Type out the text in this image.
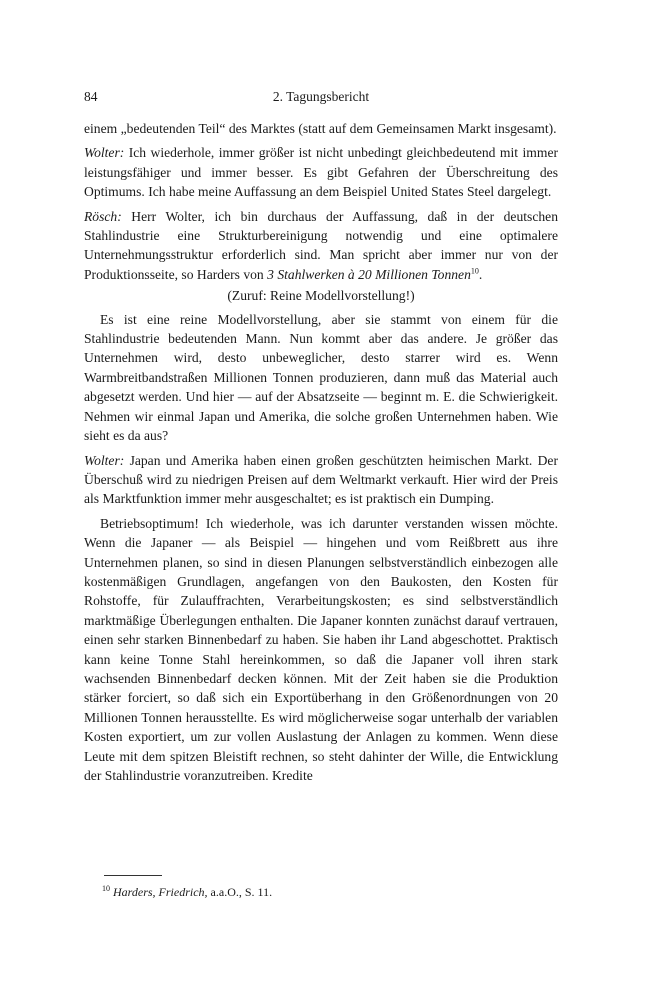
84	2. Tagungsbericht

einem „bedeutenden Teil“ des Marktes (statt auf dem Gemeinsamen Markt insgesamt).

Wolter: Ich wiederhole, immer größer ist nicht unbedingt gleichbedeutend mit immer leistungsfähiger und immer besser. Es gibt Gefahren der Überschreitung des Optimums. Ich habe meine Auffassung an dem Beispiel United States Steel dargelegt.

Rösch: Herr Wolter, ich bin durchaus der Auffassung, daß in der deutschen Stahlindustrie eine Strukturbereinigung notwendig und eine optimalere Unternehmungsstruktur erforderlich sind. Man spricht aber immer nur von der Produktionsseite, so Harders von 3 Stahlwerken à 20 Millionen Tonnen$^{10}$.

(Zuruf: Reine Modellvorstellung!)

Es ist eine reine Modellvorstellung, aber sie stammt von einem für die Stahlindustrie bedeutenden Mann. Nun kommt aber das andere. Je größer das Unternehmen wird, desto unbeweglicher, desto starrer wird es. Wenn Warmbreitbandstraßen Millionen Tonnen produzieren, dann muß das Material auch abgesetzt werden. Und hier — auf der Absatzseite — beginnt m. E. die Schwierigkeit. Nehmen wir einmal Japan und Amerika, die solche großen Unternehmen haben. Wie sieht es da aus?

Wolter: Japan und Amerika haben einen großen geschützten heimischen Markt. Der Überschuß wird zu niedrigen Preisen auf dem Weltmarkt verkauft. Hier wird der Preis als Marktfunktion immer mehr ausgeschaltet; es ist praktisch ein Dumping.

Betriebsoptimum! Ich wiederhole, was ich darunter verstanden wissen möchte. Wenn die Japaner — als Beispiel — hingehen und vom Reißbrett aus ihre Unternehmen planen, so sind in diesen Planungen selbstverständlich einbezogen alle kostenmäßigen Grundlagen, angefangen von den Baukosten, den Kosten für Rohstoffe, für Zulauffrachten, Verarbeitungskosten; es sind selbstverständlich marktmäßige Überlegungen enthalten. Die Japaner konnten zunächst darauf vertrauen, einen sehr starken Binnenbedarf zu haben. Sie haben ihr Land abgeschottet. Praktisch kann keine Tonne Stahl hereinkommen, so daß die Japaner voll ihren stark wachsenden Binnenbedarf decken können. Mit der Zeit haben sie die Produktion stärker forciert, so daß sich ein Exportüberhang in den Größenordnungen von 20 Millionen Tonnen herausstellte. Es wird möglicherweise sogar unterhalb der variablen Kosten exportiert, um zur vollen Auslastung der Anlagen zu kommen. Wenn diese Leute mit dem spitzen Bleistift rechnen, so steht dahinter der Wille, die Entwicklung der Stahlindustrie voranzutreiben. Kredite

$^{10}$ Harders, Friedrich, a.a.O., S. 11.
